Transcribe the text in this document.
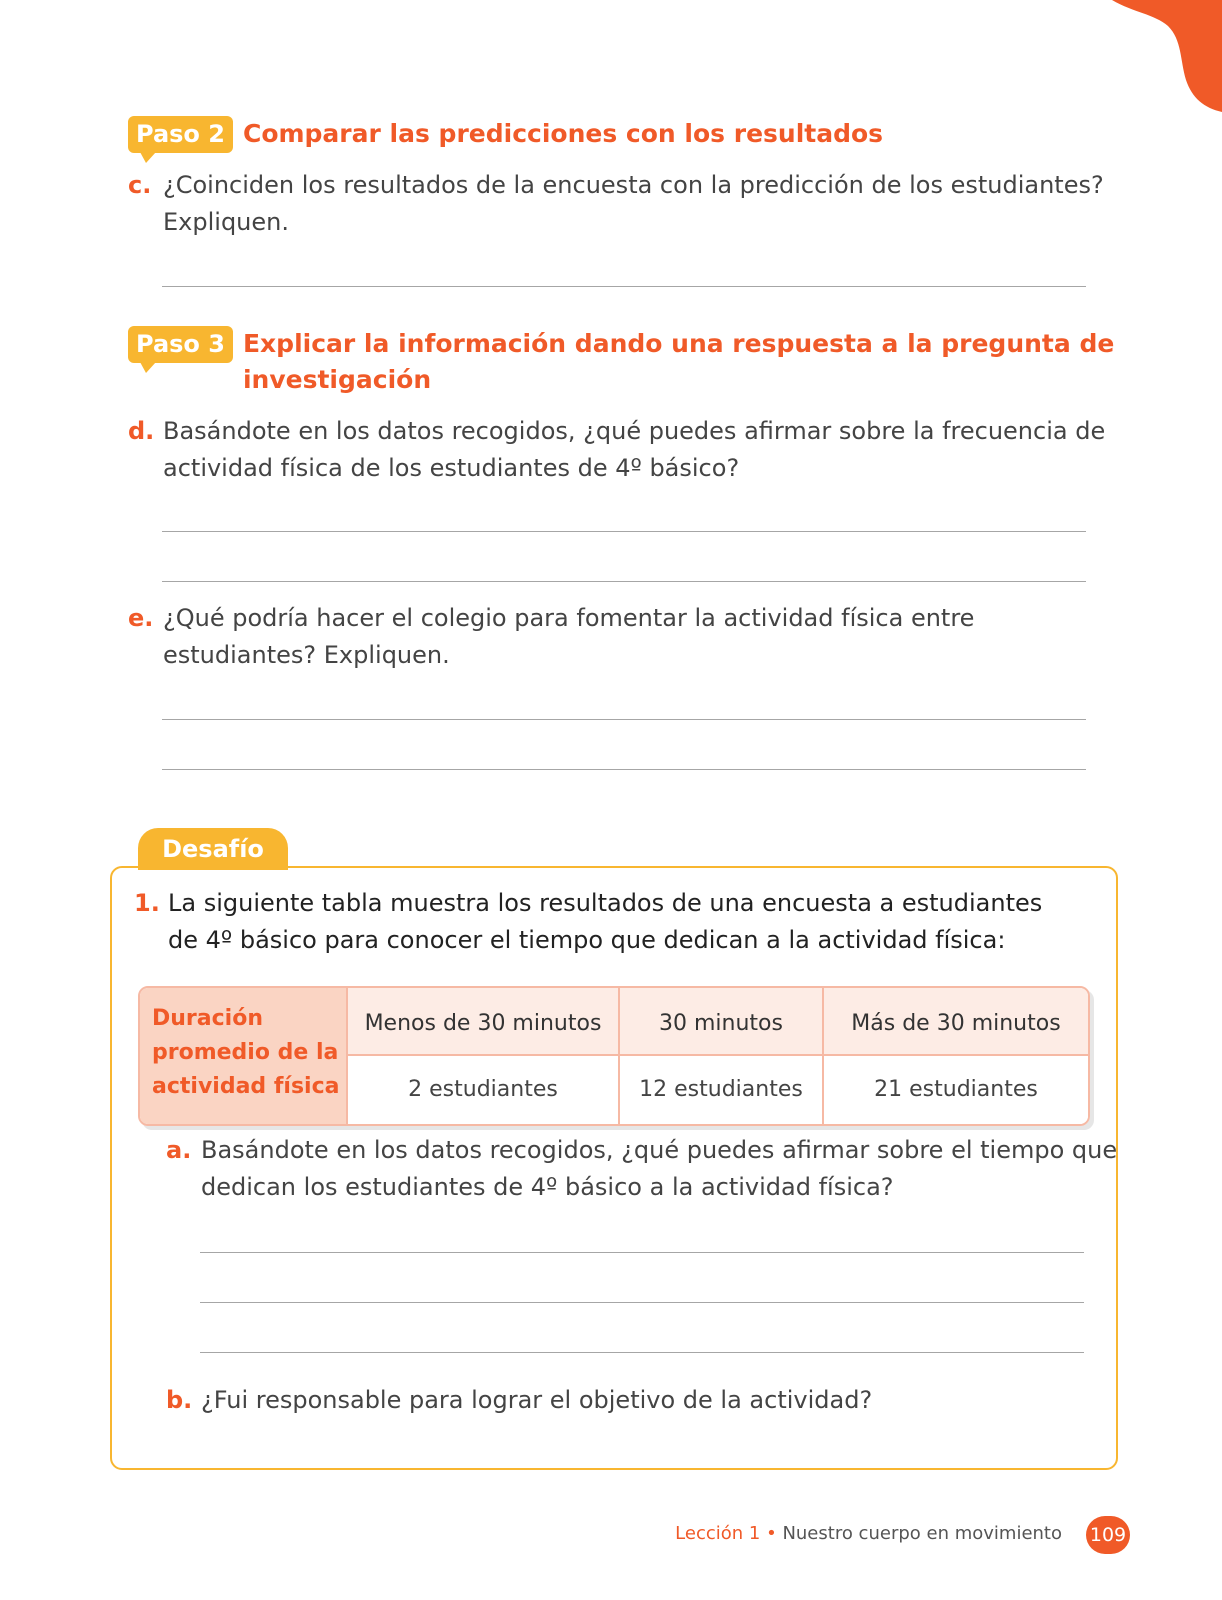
Paso 2 Comparar las predicciones con los resultados
c. ¿Coinciden los resultados de la encuesta con la predicción de los estudiantes?
Expliquen.
Paso 3 Explicar la información dando una respuesta a la pregunta de
investigación
d. Basándote en los datos recogidos, ¿qué puedes afirmar sobre la frecuencia de
actividad física de los estudiantes de 4º básico?
e. ¿Qué podría hacer el colegio para fomentar la actividad física entre
estudiantes? Expliquen.
Desafío
1. La siguiente tabla muestra los resultados de una encuesta a estudiantes
de 4º básico para conocer el tiempo que dedican a la actividad física:
Duración
promedio de la
actividad física
Menos de 30 minutos
2 estudiantes
30 minutos
12 estudiantes
Más de 30 minutos
21 estudiantes
a. Basándote en los datos recogidos, ¿qué puedes afirmar sobre el tiempo que
dedican los estudiantes de 4º básico a la actividad física?
b. ¿Fui responsable para lograr el objetivo de la actividad?
Lección 1 • Nuestro cuerpo en movimiento 109
